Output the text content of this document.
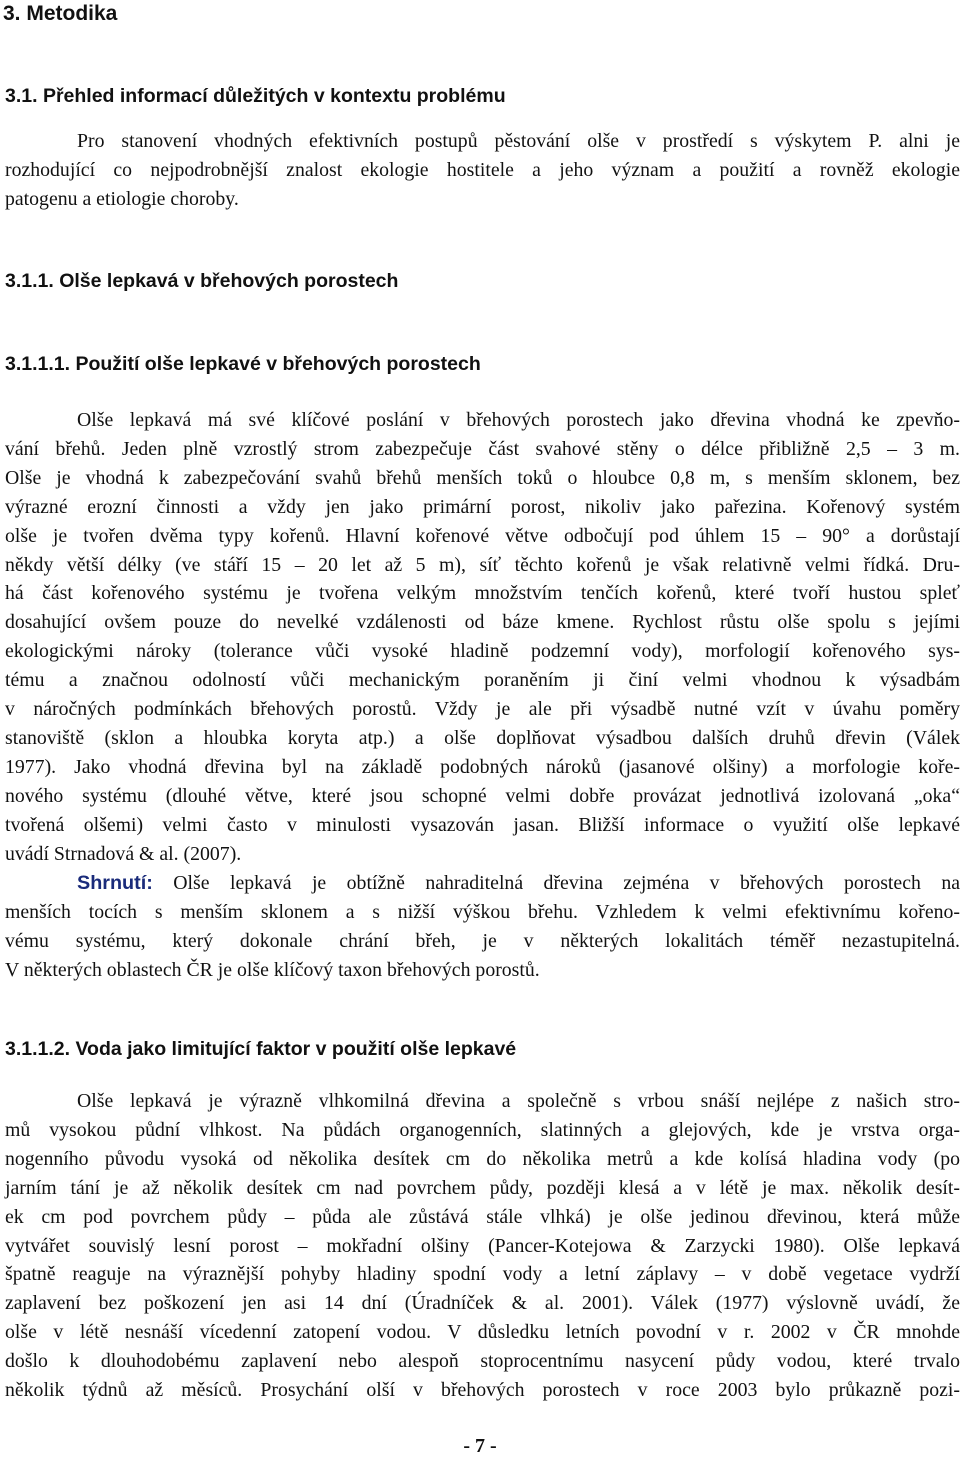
3. Metodika
3.1. Přehled informací důležitých v kontextu problému
Pro stanovení vhodných efektivních postupů pěstování olše v prostředí s výskytem P. alni je
rozhodující co nejpodrobnější znalost ekologie hostitele a jeho význam a použití a rovněž ekologie
patogenu a etiologie choroby.
3.1.1. Olše lepkavá v břehových porostech
3.1.1.1. Použití olše lepkavé v břehových porostech
Olše lepkavá má své klíčové poslání v břehových porostech jako dřevina vhodná ke zpevňo-
vání břehů. Jeden plně vzrostlý strom zabezpečuje část svahové stěny o délce přibližně 2,5 – 3 m.
Olše je vhodná k zabezpečování svahů břehů menších toků o hloubce 0,8 m, s menším sklonem, bez
výrazné erozní činnosti a vždy jen jako primární porost, nikoliv jako pařezina. Kořenový systém
olše je tvořen dvěma typy kořenů. Hlavní kořenové větve odbočují pod úhlem 15 – 90° a dorůstají
někdy větší délky (ve stáří 15 – 20 let až 5 m), síť těchto kořenů je však relativně velmi řídká. Dru-
há část kořenového systému je tvořena velkým množstvím tenčích kořenů, které tvoří hustou spleť
dosahující ovšem pouze do nevelké vzdálenosti od báze kmene. Rychlost růstu olše spolu s jejími
ekologickými nároky (tolerance vůči vysoké hladině podzemní vody), morfologií kořenového sys-
tému a značnou odolností vůči mechanickým poraněním ji činí velmi vhodnou k výsadbám
v náročných podmínkách břehových porostů. Vždy je ale při výsadbě nutné vzít v úvahu poměry
stanoviště (sklon a hloubka koryta atp.) a olše doplňovat výsadbou dalších druhů dřevin (Válek
1977). Jako vhodná dřevina byl na základě podobných nároků (jasanové olšiny) a morfologie koře-
nového systému (dlouhé větve, které jsou schopné velmi dobře provázat jednotlivá izolovaná „oka“
tvořená olšemi) velmi často v minulosti vysazován jasan. Bližší informace o využití olše lepkavé
uvádí Strnadová & al. (2007).
Shrnutí: Olše lepkavá je obtížně nahraditelná dřevina zejména v břehových porostech na
menších tocích s menším sklonem a s nižší výškou břehu. Vzhledem k velmi efektivnímu kořeno-
vému systému, který dokonale chrání břeh, je v některých lokalitách téměř nezastupitelná.
V některých oblastech ČR je olše klíčový taxon břehových porostů.
3.1.1.2. Voda jako limitující faktor v použití olše lepkavé
Olše lepkavá je výrazně vlhkomilná dřevina a společně s vrbou snáší nejlépe z našich stro-
mů vysokou půdní vlhkost. Na půdách organogenních, slatinných a glejových, kde je vrstva orga-
nogenního původu vysoká od několika desítek cm do několika metrů a kde kolísá hladina vody (po
jarním tání je až několik desítek cm nad povrchem půdy, později klesá a v létě je max. několik desít-
ek cm pod povrchem půdy – půda ale zůstává stále vlhká) je olše jedinou dřevinou, která může
vytvářet souvislý lesní porost – mokřadní olšiny (Pancer-Kotejowa & Zarzycki 1980). Olše lepkavá
špatně reaguje na výraznější pohyby hladiny spodní vody a letní záplavy – v době vegetace vydrží
zaplavení bez poškození jen asi 14 dní (Úradníček & al. 2001). Válek (1977) výslovně uvádí, že
olše v létě nesnáší vícedenní zatopení vodou. V důsledku letních povodní v r. 2002 v ČR mnohde
došlo k dlouhodobému zaplavení nebo alespoň stoprocentnímu nasycení půdy vodou, které trvalo
několik týdnů až měsíců. Prosychání olší v břehových porostech v roce 2003 bylo průkazně pozi-
- 7 -
